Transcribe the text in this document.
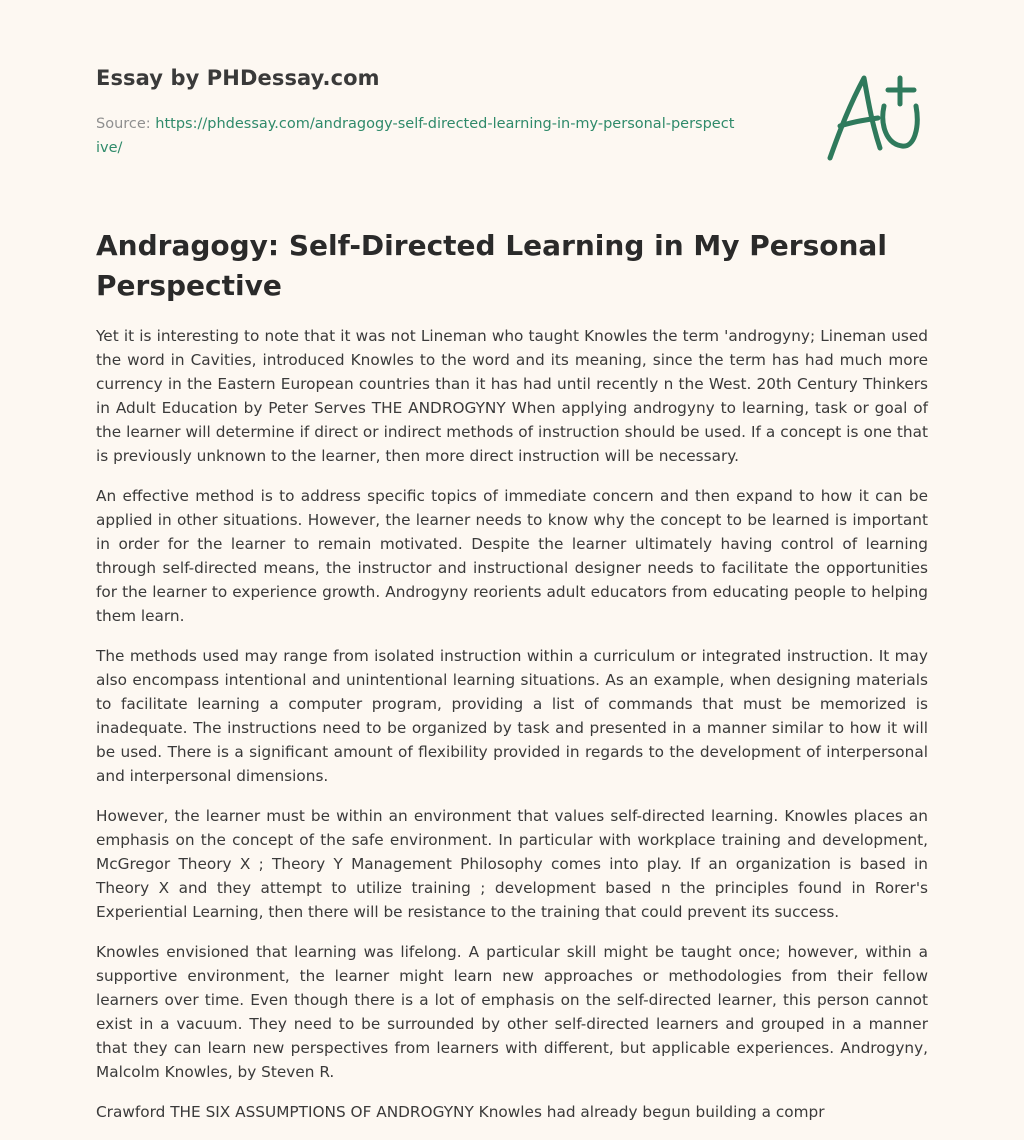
Essay by PHDessay.com
Source: https://phdessay.com/andragogy-self-directed-learning-in-my-personal-perspective/
Andragogy: Self-Directed Learning in My Personal Perspective

Yet it is interesting to note that it was not Lineman who taught Knowles the term 'androgyny; Lineman used the word in Cavities, introduced Knowles to the word and its meaning, since the term has had much more currency in the Eastern European countries than it has had until recently n the West. 20th Century Thinkers in Adult Education by Peter Serves THE ANDROGYNY When applying androgyny to learning, task or goal of the learner will determine if direct or indirect methods of instruction should be used. If a concept is one that is previously unknown to the learner, then more direct instruction will be necessary.

An effective method is to address specific topics of immediate concern and then expand to how it can be applied in other situations. However, the learner needs to know why the concept to be learned is important in order for the learner to remain motivated. Despite the learner ultimately having control of learning through self-directed means, the instructor and instructional designer needs to facilitate the opportunities for the learner to experience growth. Androgyny reorients adult educators from educating people to helping them learn.

The methods used may range from isolated instruction within a curriculum or integrated instruction. It may also encompass intentional and unintentional learning situations. As an example, when designing materials to facilitate learning a computer program, providing a list of commands that must be memorized is inadequate. The instructions need to be organized by task and presented in a manner similar to how it will be used. There is a significant amount of flexibility provided in regards to the development of interpersonal and interpersonal dimensions.

However, the learner must be within an environment that values self-directed learning. Knowles places an emphasis on the concept of the safe environment. In particular with workplace training and development, McGregor Theory X ; Theory Y Management Philosophy comes into play. If an organization is based in Theory X and they attempt to utilize training ; development based n the principles found in Rorer's Experiential Learning, then there will be resistance to the training that could prevent its success.

Knowles envisioned that learning was lifelong. A particular skill might be taught once; however, within a supportive environment, the learner might learn new approaches or methodologies from their fellow learners over time. Even though there is a lot of emphasis on the self-directed learner, this person cannot exist in a vacuum. They need to be surrounded by other self-directed learners and grouped in a manner that they can learn new perspectives from learners with different, but applicable experiences. Androgyny, Malcolm Knowles, by Steven R.

Crawford THE SIX ASSUMPTIONS OF ANDROGYNY Knowles had already begun building a compr
